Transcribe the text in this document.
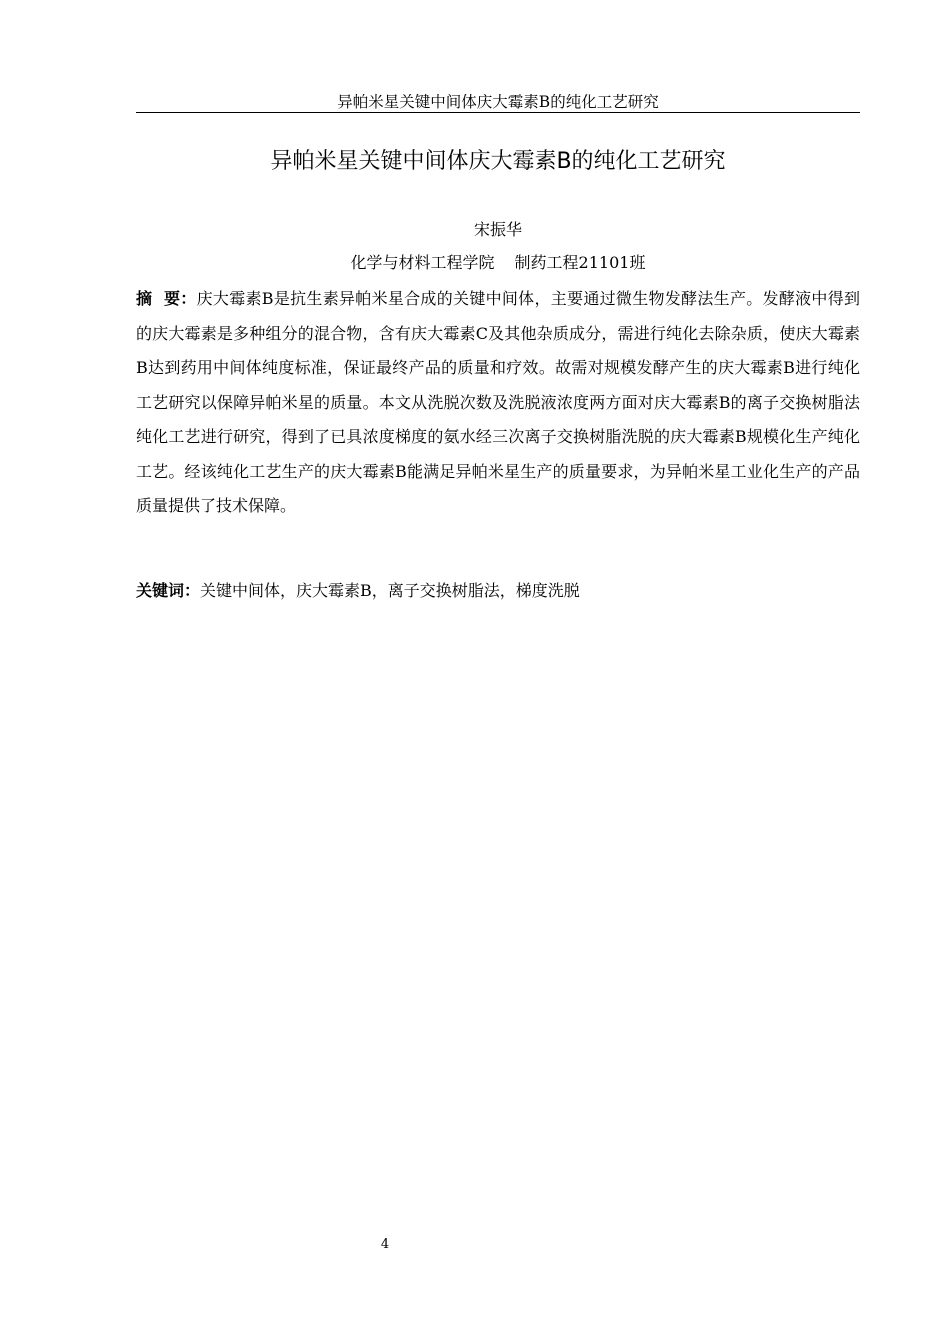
异帕米星关键中间体庆大霉素B的纯化工艺研究
异帕米星关键中间体庆大霉素B的纯化工艺研究
宋振华
化学与材料工程学院 制药工程21101班

摘  要：庆大霉素B是抗生素异帕米星合成的关键中间体，主要通过微生物发酵法生产。发酵液中得到的庆大霉素是多种组分的混合物，含有庆大霉素C及其他杂质成分，需进行纯化去除杂质，使庆大霉素B达到药用中间体纯度标准，保证最终产品的质量和疗效。故需对规模发酵产生的庆大霉素B进行纯化工艺研究以保障异帕米星的质量。本文从洗脱次数及洗脱液浓度两方面对庆大霉素B的离子交换树脂法纯化工艺进行研究，得到了已具浓度梯度的氨水经三次离子交换树脂洗脱的庆大霉素B规模化生产纯化工艺。经该纯化工艺生产的庆大霉素B能满足异帕米星生产的质量要求，为异帕米星工业化生产的产品质量提供了技术保障。

关键词：关键中间体，庆大霉素B，离子交换树脂法，梯度洗脱

4
